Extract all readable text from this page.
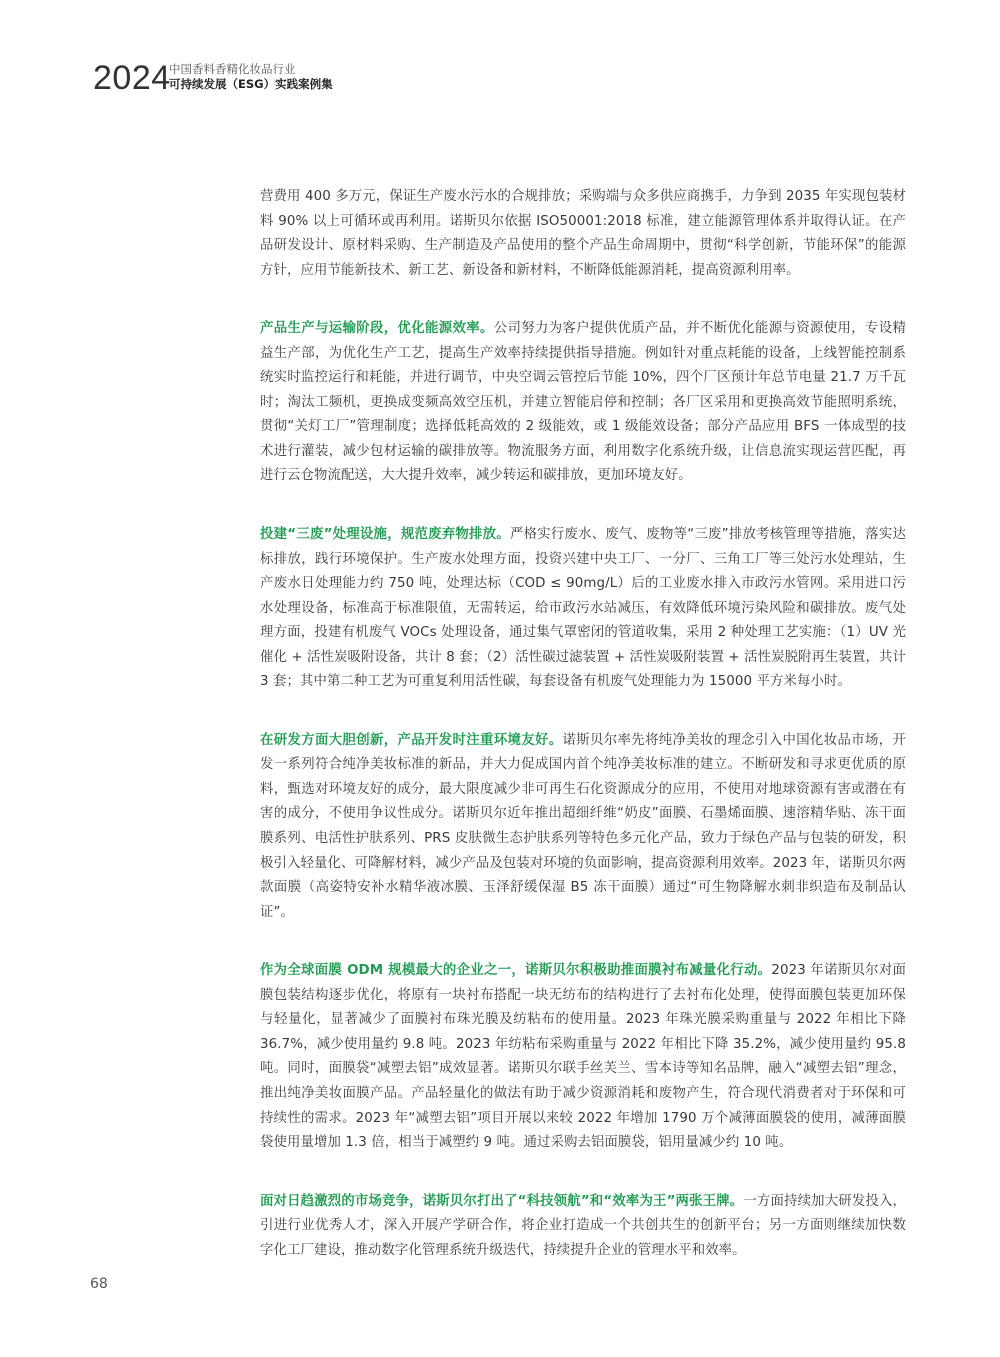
2024
中国香料香精化妆品行业
可持续发展（ESG）实践案例集

营费用 400 多万元，保证生产废水污水的合规排放；采购端与众多供应商携手，力争到 2035 年实现包装材料 90% 以上可循环或再利用。诺斯贝尔依据 ISO50001:2018 标准，建立能源管理体系并取得认证。在产品研发设计、原材料采购、生产制造及产品使用的整个产品生命周期中，贯彻“科学创新，节能环保”的能源方针，应用节能新技术、新工艺、新设备和新材料，不断降低能源消耗，提高资源利用率。

产品生产与运输阶段，优化能源效率。公司努力为客户提供优质产品，并不断优化能源与资源使用，专设精益生产部，为优化生产工艺，提高生产效率持续提供指导措施。例如针对重点耗能的设备，上线智能控制系统实时监控运行和耗能，并进行调节，中央空调云管控后节能 10%，四个厂区预计年总节电量 21.7 万千瓦时；淘汰工频机，更换成变频高效空压机，并建立智能启停和控制；各厂区采用和更换高效节能照明系统，贯彻“关灯工厂”管理制度；选择低耗高效的 2 级能效，或 1 级能效设备；部分产品应用 BFS 一体成型的技术进行灌装，减少包材运输的碳排放等。物流服务方面，利用数字化系统升级，让信息流实现运营匹配，再进行云仓物流配送，大大提升效率，减少转运和碳排放，更加环境友好。

投建“三废”处理设施，规范废弃物排放。严格实行废水、废气、废物等“三废”排放考核管理等措施，落实达标排放，践行环境保护。生产废水处理方面，投资兴建中央工厂、一分厂、三角工厂等三处污水处理站，生产废水日处理能力约 750 吨，处理达标（COD ≤ 90mg/L）后的工业废水排入市政污水管网。采用进口污水处理设备，标准高于标准限值，无需转运，给市政污水站减压，有效降低环境污染风险和碳排放。废气处理方面，投建有机废气 VOCs 处理设备，通过集气罩密闭的管道收集，采用 2 种处理工艺实施：（1）UV 光催化 + 活性炭吸附设备，共计 8 套；（2）活性碳过滤装置 + 活性炭吸附装置 + 活性炭脱附再生装置，共计 3 套；其中第二种工艺为可重复利用活性碳，每套设备有机废气处理能力为 15000 平方米每小时。

在研发方面大胆创新，产品开发时注重环境友好。诺斯贝尔率先将纯净美妆的理念引入中国化妆品市场，开发一系列符合纯净美妆标准的新品，并大力促成国内首个纯净美妆标准的建立。不断研发和寻求更优质的原料，甄选对环境友好的成分，最大限度减少非可再生石化资源成分的应用，不使用对地球资源有害或潜在有害的成分，不使用争议性成分。诺斯贝尔近年推出超细纤维“奶皮”面膜、石墨烯面膜、速溶精华贴、冻干面膜系列、电活性护肤系列、PRS 皮肤微生态护肤系列等特色多元化产品，致力于绿色产品与包装的研发，积极引入轻量化、可降解材料，减少产品及包装对环境的负面影响，提高资源利用效率。2023 年，诺斯贝尔两款面膜（高姿特安补水精华液冰膜、玉泽舒缓保湿 B5 冻干面膜）通过“可生物降解水刺非织造布及制品认证”。

作为全球面膜 ODM 规模最大的企业之一，诺斯贝尔积极助推面膜衬布减量化行动。2023 年诺斯贝尔对面膜包装结构逐步优化，将原有一块衬布搭配一块无纺布的结构进行了去衬布化处理，使得面膜包装更加环保与轻量化，显著减少了面膜衬布珠光膜及纺粘布的使用量。2023 年珠光膜采购重量与 2022 年相比下降 36.7%，减少使用量约 9.8 吨。2023 年纺粘布采购重量与 2022 年相比下降 35.2%，减少使用量约 95.8 吨。同时，面膜袋“减塑去铝”成效显著。诺斯贝尔联手丝芙兰、雪本诗等知名品牌，融入“减塑去铝”理念，推出纯净美妆面膜产品。产品轻量化的做法有助于减少资源消耗和废物产生，符合现代消费者对于环保和可持续性的需求。2023 年“减塑去铝”项目开展以来较 2022 年增加 1790 万个减薄面膜袋的使用，减薄面膜袋使用量增加 1.3 倍，相当于减塑约 9 吨。通过采购去铝面膜袋，铝用量减少约 10 吨。

面对日趋激烈的市场竞争，诺斯贝尔打出了“科技领航”和“效率为王”两张王牌。一方面持续加大研发投入，引进行业优秀人才，深入开展产学研合作，将企业打造成一个共创共生的创新平台；另一方面则继续加快数字化工厂建设，推动数字化管理系统升级迭代，持续提升企业的管理水平和效率。

68
